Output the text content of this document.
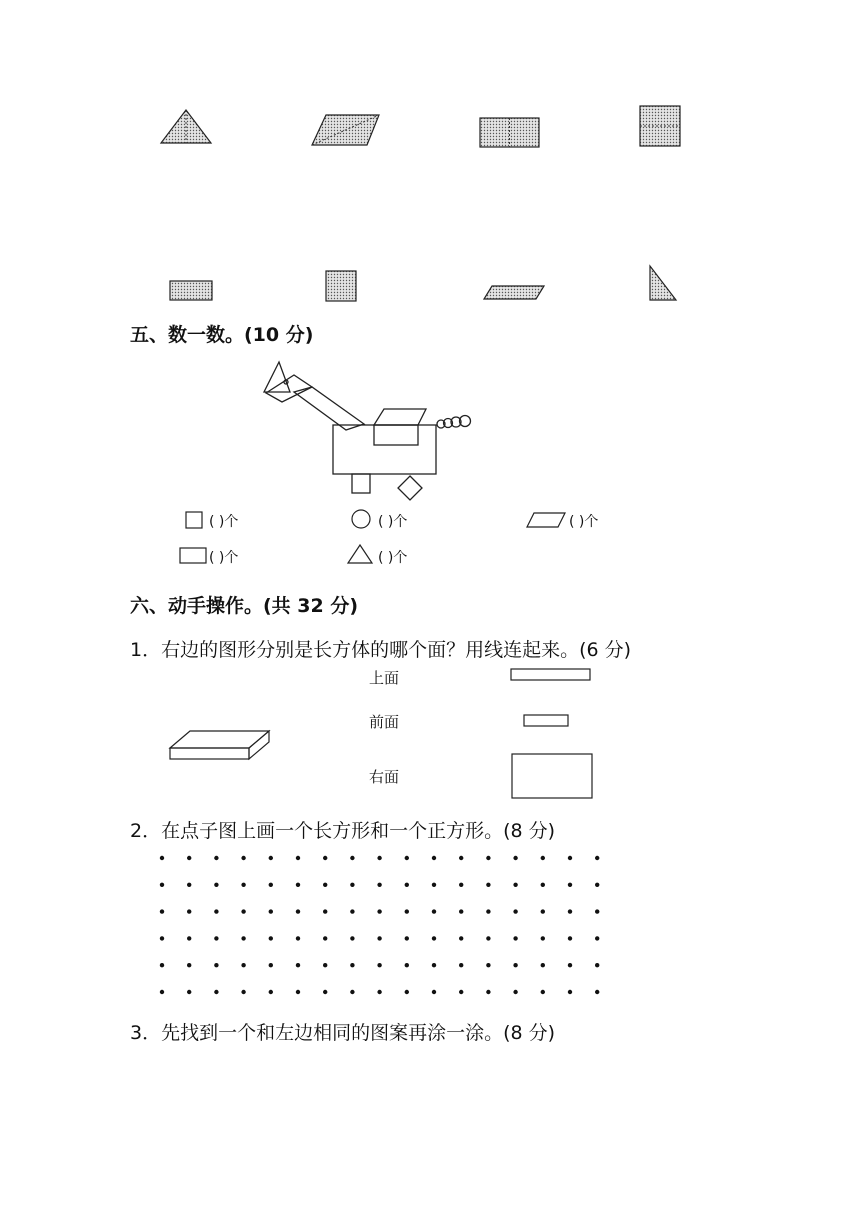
五、数一数。(10 分)
( )个	( )个	( )个
( )个	( )个
六、动手操作。(共 32 分)
1．右边的图形分别是长方体的哪个面？用线连起来。(6 分)
上面
前面
右面
2．在点子图上画一个长方形和一个正方形。(8 分)
3．先找到一个和左边相同的图案再涂一涂。(8 分)
